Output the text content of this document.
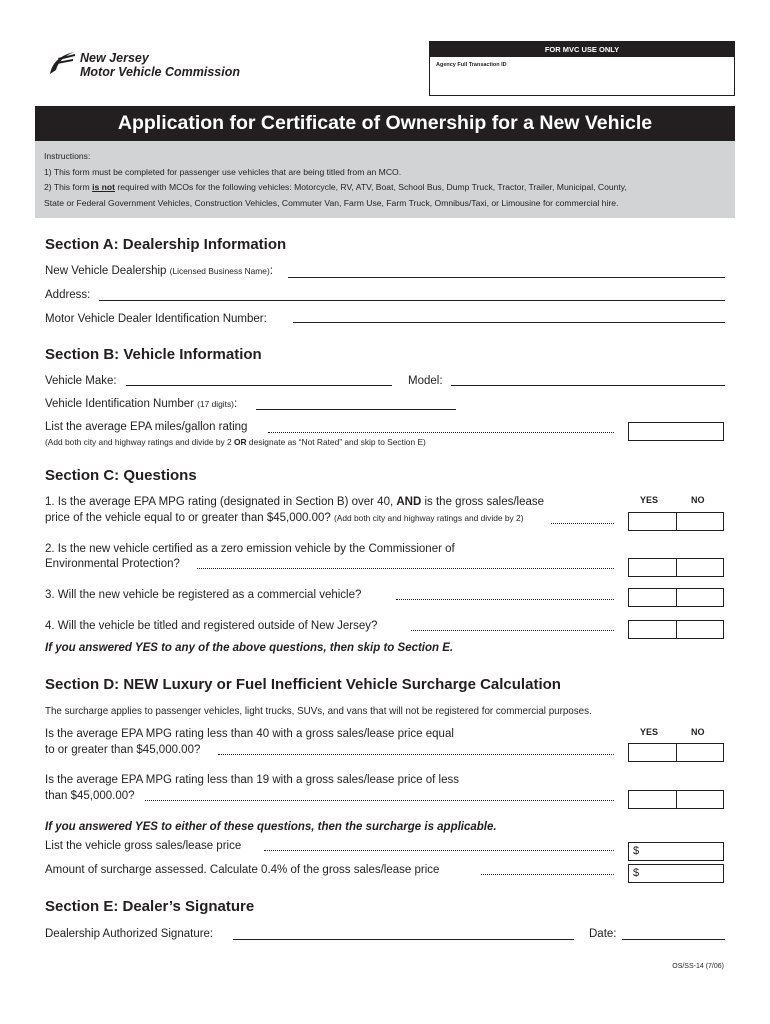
New Jersey
Motor Vehicle Commission
FOR MVC USE ONLY
Agency Full Transaction ID
Application for Certificate of Ownership for a New Vehicle
Instructions:
1) This form must be completed for passenger use vehicles that are being titled from an MCO.
2) This form is not required with MCOs for the following vehicles: Motorcycle, RV, ATV, Boat, School Bus, Dump Truck, Tractor, Trailer, Municipal, County,
State or Federal Government Vehicles, Construction Vehicles, Commuter Van, Farm Use, Farm Truck, Omnibus/Taxi, or Limousine for commercial hire.
Section A: Dealership Information
New Vehicle Dealership (Licensed Business Name):
Address:
Motor Vehicle Dealer Identification Number:
Section B: Vehicle Information
Vehicle Make:	Model:
Vehicle Identification Number (17 digits):
List the average EPA miles/gallon rating
(Add both city and highway ratings and divide by 2 OR designate as “Not Rated” and skip to Section E)
Section C: Questions
YES	NO
1. Is the average EPA MPG rating (designated in Section B) over 40, AND is the gross sales/lease
price of the vehicle equal to or greater than $45,000.00? (Add both city and highway ratings and divide by 2)
2. Is the new vehicle certified as a zero emission vehicle by the Commissioner of
Environmental Protection?
3. Will the new vehicle be registered as a commercial vehicle?
4. Will the vehicle be titled and registered outside of New Jersey?
If you answered YES to any of the above questions, then skip to Section E.
Section D: NEW Luxury or Fuel Inefficient Vehicle Surcharge Calculation
The surcharge applies to passenger vehicles, light trucks, SUVs, and vans that will not be registered for commercial purposes.
YES	NO
Is the average EPA MPG rating less than 40 with a gross sales/lease price equal
to or greater than $45,000.00?
Is the average EPA MPG rating less than 19 with a gross sales/lease price of less
than $45,000.00?
If you answered YES to either of these questions, then the surcharge is applicable.
List the vehicle gross sales/lease price	$
Amount of surcharge assessed. Calculate 0.4% of the gross sales/lease price	$
Section E: Dealer’s Signature
Dealership Authorized Signature:	Date:
OS/SS-14 (7/06)
